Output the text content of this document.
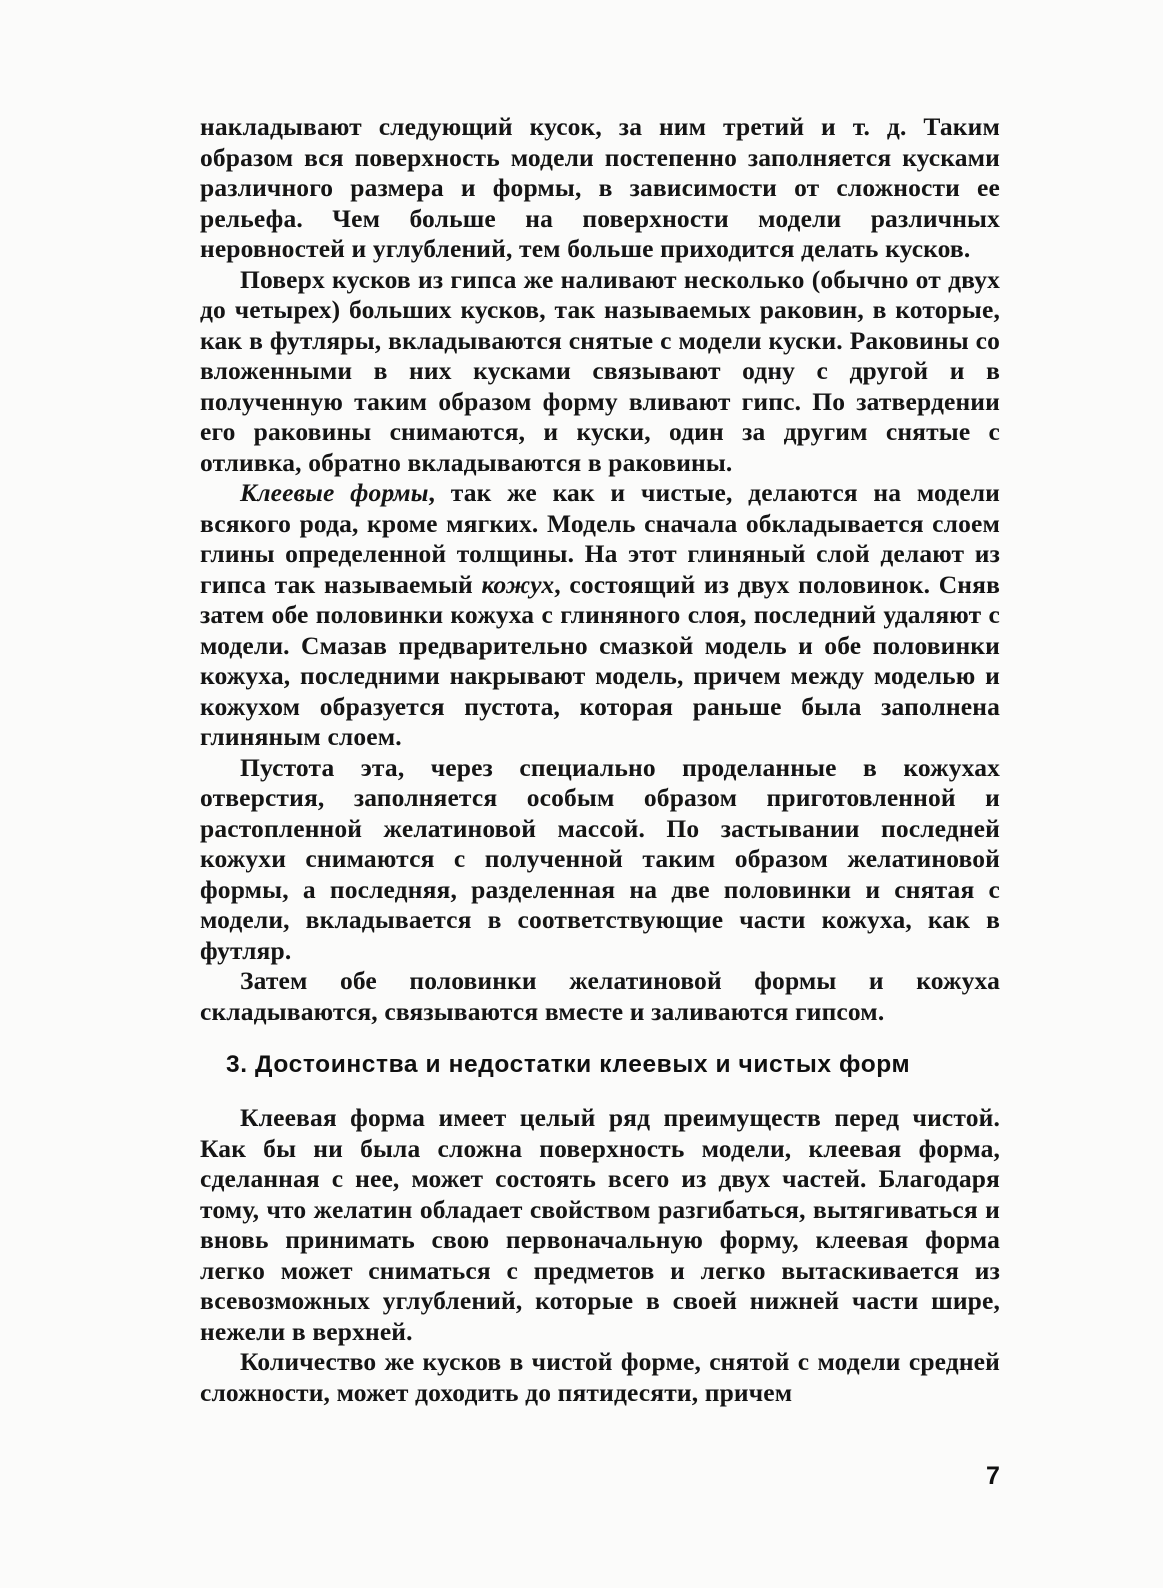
накладывают следующий кусок, за ним третий и т. д. Таким образом вся поверхность модели постепенно заполняется кусками различного размера и формы, в зависимости от сложности ее рельефа. Чем больше на поверхности модели различных неровностей и углублений, тем больше приходится делать кусков.

Поверх кусков из гипса же наливают несколько (обычно от двух до четырех) больших кусков, так называемых раковин, в которые, как в футляры, вкладываются снятые с модели куски. Раковины со вложенными в них кусками связывают одну с другой и в полученную таким образом форму вливают гипс. По затвердении его раковины снимаются, и куски, один за другим снятые с отливка, обратно вкладываются в раковины.

Клеевые формы, так же как и чистые, делаются на модели всякого рода, кроме мягких. Модель сначала обкладывается слоем глины определенной толщины. На этот глиняный слой делают из гипса так называемый кожух, состоящий из двух половинок. Сняв затем обе половинки кожуха с глиняного слоя, последний удаляют с модели. Смазав предварительно смазкой модель и обе половинки кожуха, последними накрывают модель, причем между моделью и кожухом образуется пустота, которая раньше была заполнена глиняным слоем.

Пустота эта, через специально проделанные в кожухах отверстия, заполняется особым образом приготовленной и растопленной желатиновой массой. По застывании последней кожухи снимаются с полученной таким образом желатиновой формы, а последняя, разделенная на две половинки и снятая с модели, вкладывается в соответствующие части кожуха, как в футляр.

Затем обе половинки желатиновой формы и кожуха складываются, связываются вместе и заливаются гипсом.

3. Достоинства и недостатки клеевых и чистых форм

Клеевая форма имеет целый ряд преимуществ перед чистой. Как бы ни была сложна поверхность модели, клеевая форма, сделанная с нее, может состоять всего из двух частей. Благодаря тому, что желатин обладает свойством разгибаться, вытягиваться и вновь принимать свою первоначальную форму, клеевая форма легко может сниматься с предметов и легко вытаскивается из всевозможных углублений, которые в своей нижней части шире, нежели в верхней.

Количество же кусков в чистой форме, снятой с модели средней сложности, может доходить до пятидесяти, причем

7
